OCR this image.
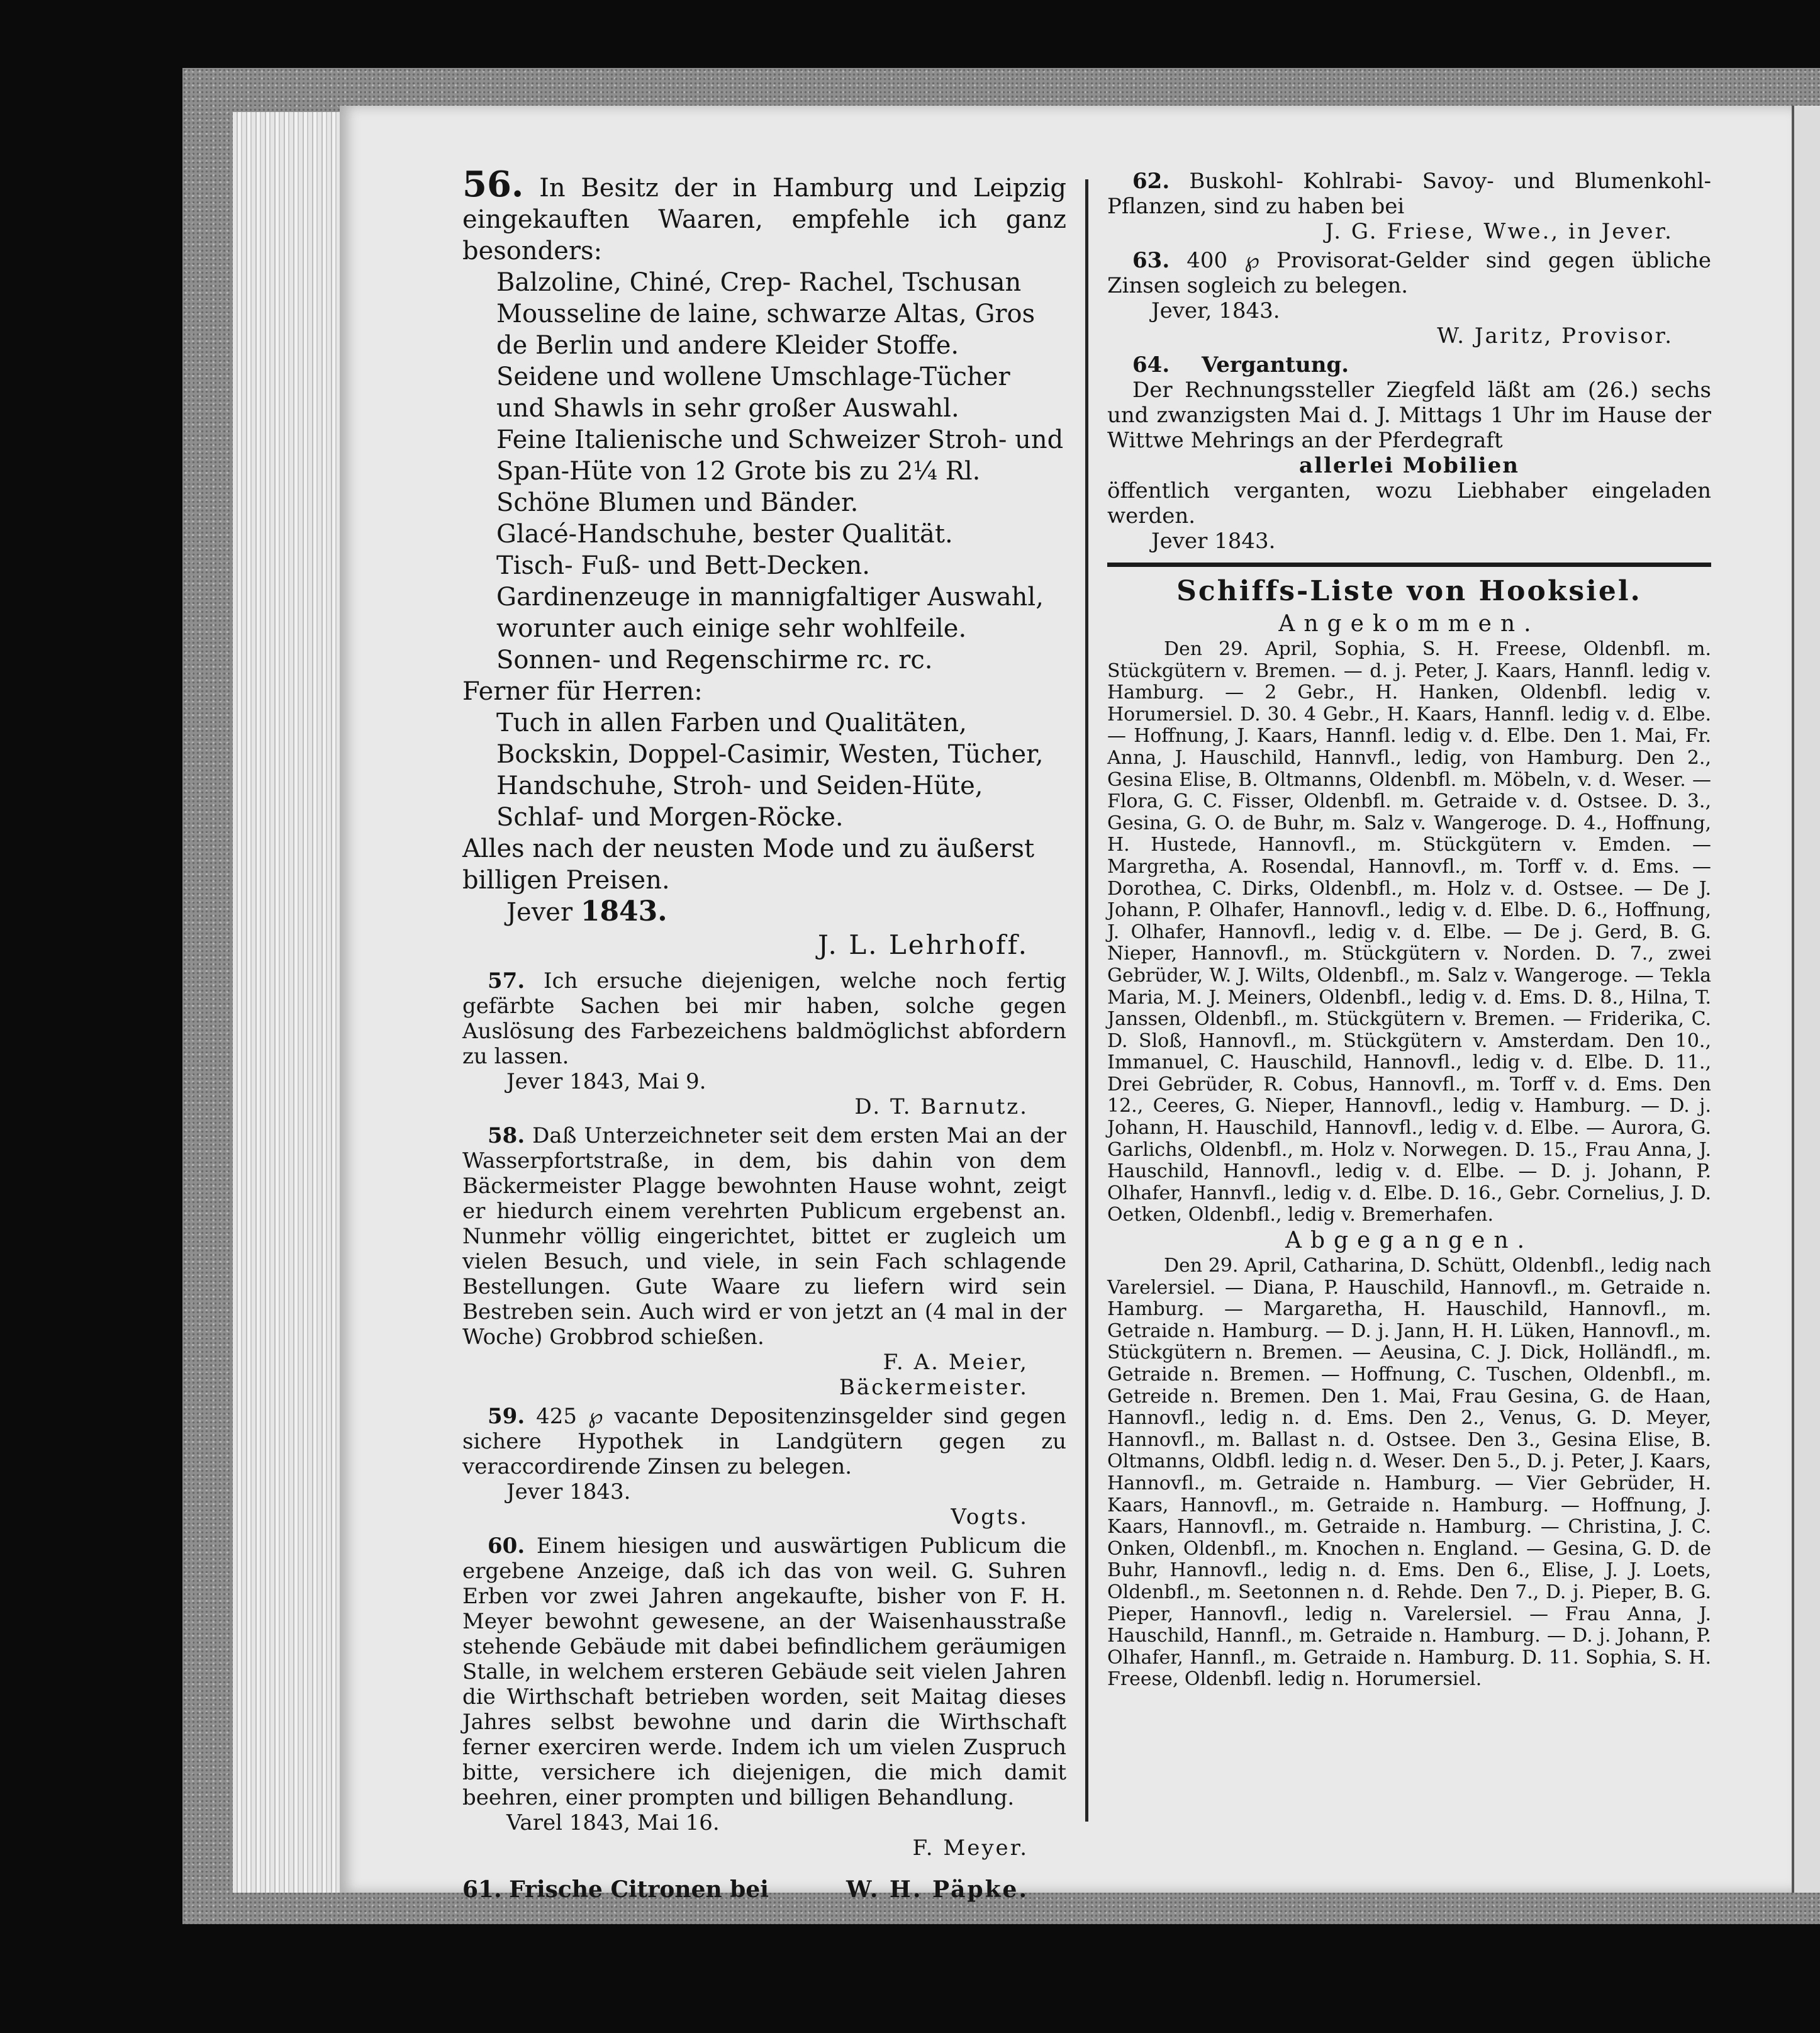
56. In Besitz der in Hamburg und Leipzig eingekauften Waaren, empfehle ich ganz besonders:
Balzoline, Chiné, Crep- Rachel, Tschusan Mousseline de laine, schwarze Altas, Gros de Berlin und andere Kleider Stoffe.
Seidene und wollene Umschlage-Tücher und Shawls in sehr großer Auswahl.
Feine Italienische und Schweizer Stroh- und Span-Hüte von 12 Grote bis zu 2¼ Rl.
Schöne Blumen und Bänder.
Glacé-Handschuhe, bester Qualität.
Tisch- Fuß- und Bett-Decken.
Gardinenzeuge in mannigfaltiger Auswahl, worunter auch einige sehr wohlfeile.
Sonnen- und Regenschirme rc. rc.
Ferner für Herren:
Tuch in allen Farben und Qualitäten, Bockskin, Doppel-Casimir, Westen, Tücher, Handschuhe, Stroh- und Seiden-Hüte, Schlaf- und Morgen-Röcke.
Alles nach der neusten Mode und zu äußerst billigen Preisen.
Jever 1843.
J. L. Lehrhoff.
57. Ich ersuche diejenigen, welche noch fertig gefärbte Sachen bei mir haben, solche gegen Auslösung des Farbezeichens baldmöglichst abfordern zu lassen.
Jever 1843, Mai 9.
D. T. Barnutz.
58. Daß Unterzeichneter seit dem ersten Mai an der Wasserpfortstraße, in dem, bis dahin von dem Bäckermeister Plagge bewohnten Hause wohnt, zeigt er hiedurch einem verehrten Publicum ergebenst an. Nunmehr völlig eingerichtet, bittet er zugleich um vielen Besuch, und viele, in sein Fach schlagende Bestellungen. Gute Waare zu liefern wird sein Bestreben sein. Auch wird er von jetzt an (4 mal in der Woche) Grobbrod schießen.
F. A. Meier,
Bäckermeister.
59. 425 ℘ vacante Depositenzinsgelder sind gegen sichere Hypothek in Landgütern gegen zu veraccordirende Zinsen zu belegen.
Jever 1843.
Vogts.
60. Einem hiesigen und auswärtigen Publicum die ergebene Anzeige, daß ich das von weil. G. Suhren Erben vor zwei Jahren angekaufte, bisher von F. H. Meyer bewohnt gewesene, an der Waisenhausstraße stehende Gebäude mit dabei befindlichem geräumigen Stalle, in welchem ersteren Gebäude seit vielen Jahren die Wirthschaft betrieben worden, seit Maitag dieses Jahres selbst bewohne und darin die Wirthschaft ferner exerciren werde. Indem ich um vielen Zuspruch bitte, versichere ich diejenigen, die mich damit beehren, einer prompten und billigen Behandlung.
Varel 1843, Mai 16.
F. Meyer.
61. Frische Citronen bei	W. H. Päpke.
62. Buskohl- Kohlrabi- Savoy- und Blumenkohl-Pflanzen, sind zu haben bei
J. G. Friese, Wwe., in Jever.
63. 400 ℘ Provisorat-Gelder sind gegen übliche Zinsen sogleich zu belegen.
Jever, 1843.
W. Jaritz, Provisor.
64. Vergantung.
Der Rechnungssteller Ziegfeld läßt am (26.) sechs und zwanzigsten Mai d. J. Mittags 1 Uhr im Hause der Wittwe Mehrings an der Pferdegraft
allerlei Mobilien
öffentlich verganten, wozu Liebhaber eingeladen werden.
Jever 1843.
Schiffs-Liste von Hooksiel.
Angekommen.
Den 29. April, Sophia, S. H. Freese, Oldenbfl. m. Stückgütern v. Bremen. — d. j. Peter, J. Kaars, Hannfl. ledig v. Hamburg. — 2 Gebr., H. Hanken, Oldenbfl. ledig v. Horumersiel. D. 30. 4 Gebr., H. Kaars, Hannfl. ledig v. d. Elbe. — Hoffnung, J. Kaars, Hannfl. ledig v. d. Elbe. Den 1. Mai, Fr. Anna, J. Hauschild, Hannvfl., ledig, von Hamburg. Den 2., Gesina Elise, B. Oltmanns, Oldenbfl. m. Möbeln, v. d. Weser. — Flora, G. C. Fisser, Oldenbfl. m. Getraide v. d. Ostsee. D. 3., Gesina, G. O. de Buhr, m. Salz v. Wangeroge. D. 4., Hoffnung, H. Hustede, Hannovfl., m. Stückgütern v. Emden. — Margretha, A. Rosendal, Hannovfl., m. Torff v. d. Ems. — Dorothea, C. Dirks, Oldenbfl., m. Holz v. d. Ostsee. — De J. Johann, P. Olhafer, Hannovfl., ledig v. d. Elbe. D. 6., Hoffnung, J. Olhafer, Hannovfl., ledig v. d. Elbe. — De j. Gerd, B. G. Nieper, Hannovfl., m. Stückgütern v. Norden. D. 7., zwei Gebrüder, W. J. Wilts, Oldenbfl., m. Salz v. Wangeroge. — Tekla Maria, M. J. Meiners, Oldenbfl., ledig v. d. Ems. D. 8., Hilna, T. Janssen, Oldenbfl., m. Stückgütern v. Bremen. — Friderika, C. D. Sloß, Hannovfl., m. Stückgütern v. Amsterdam. Den 10., Immanuel, C. Hauschild, Hannovfl., ledig v. d. Elbe. D. 11., Drei Gebrüder, R. Cobus, Hannovfl., m. Torff v. d. Ems. Den 12., Ceeres, G. Nieper, Hannovfl., ledig v. Hamburg. — D. j. Johann, H. Hauschild, Hannovfl., ledig v. d. Elbe. — Aurora, G. Garlichs, Oldenbfl., m. Holz v. Norwegen. D. 15., Frau Anna, J. Hauschild, Hannovfl., ledig v. d. Elbe. — D. j. Johann, P. Olhafer, Hannvfl., ledig v. d. Elbe. D. 16., Gebr. Cornelius, J. D. Oetken, Oldenbfl., ledig v. Bremerhafen.
Abgegangen.
Den 29. April, Catharina, D. Schütt, Oldenbfl., ledig nach Varelersiel. — Diana, P. Hauschild, Hannovfl., m. Getraide n. Hamburg. — Margaretha, H. Hauschild, Hannovfl., m. Getraide n. Hamburg. — D. j. Jann, H. H. Lüken, Hannovfl., m. Stückgütern n. Bremen. — Aeusina, C. J. Dick, Holländfl., m. Getraide n. Bremen. — Hoffnung, C. Tuschen, Oldenbfl., m. Getreide n. Bremen. Den 1. Mai, Frau Gesina, G. de Haan, Hannovfl., ledig n. d. Ems. Den 2., Venus, G. D. Meyer, Hannovfl., m. Ballast n. d. Ostsee. Den 3., Gesina Elise, B. Oltmanns, Oldbfl. ledig n. d. Weser. Den 5., D. j. Peter, J. Kaars, Hannovfl., m. Getraide n. Hamburg. — Vier Gebrüder, H. Kaars, Hannovfl., m. Getraide n. Hamburg. — Hoffnung, J. Kaars, Hannovfl., m. Getraide n. Hamburg. — Christina, J. C. Onken, Oldenbfl., m. Knochen n. England. — Gesina, G. D. de Buhr, Hannovfl., ledig n. d. Ems. Den 6., Elise, J. J. Loets, Oldenbfl., m. Seetonnen n. d. Rehde. Den 7., D. j. Pieper, B. G. Pieper, Hannovfl., ledig n. Varelersiel. — Frau Anna, J. Hauschild, Hannfl., m. Getraide n. Hamburg. — D. j. Johann, P. Olhafer, Hannfl., m. Getraide n. Hamburg. D. 11. Sophia, S. H. Freese, Oldenbfl. ledig n. Horumersiel.
